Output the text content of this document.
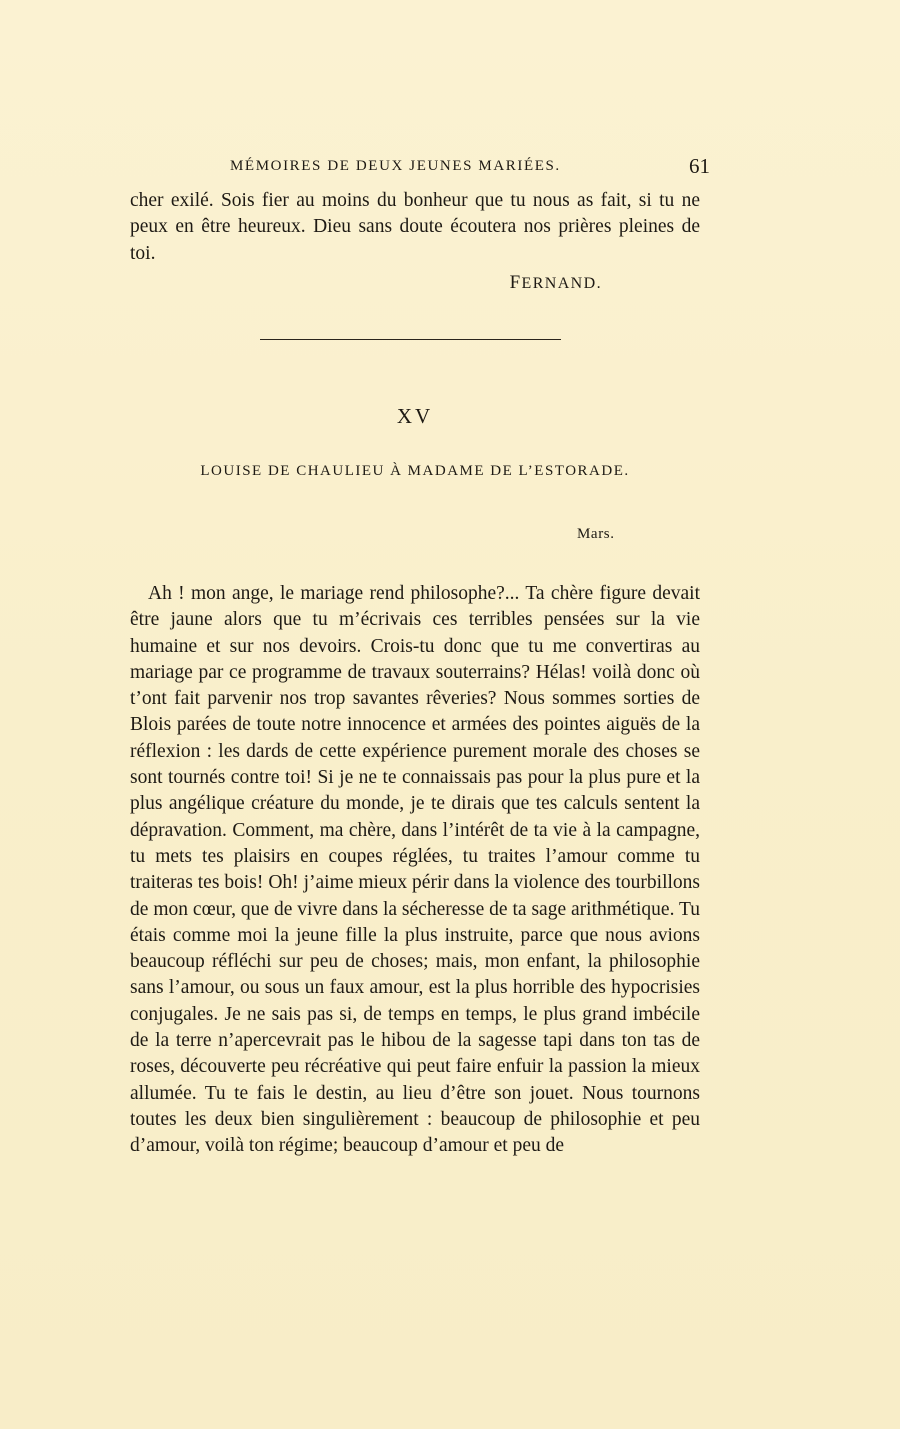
MÉMOIRES DE DEUX JEUNES MARIÉES.	61

cher exilé. Sois fier au moins du bonheur que tu nous as fait, si tu ne peux en être heureux. Dieu sans doute écoutera nos prières pleines de toi.

FERNAND.
XV
LOUISE DE CHAULIEU À MADAME DE L’ESTORADE.
Mars.

Ah ! mon ange, le mariage rend philosophe?... Ta chère figure devait être jaune alors que tu m’écrivais ces terribles pensées sur la vie humaine et sur nos devoirs. Crois-tu donc que tu me convertiras au mariage par ce programme de travaux souterrains? Hélas! voilà donc où t’ont fait parvenir nos trop savantes rêveries? Nous sommes sorties de Blois parées de toute notre innocence et armées des pointes aiguës de la réflexion : les dards de cette expérience purement morale des choses se sont tournés contre toi! Si je ne te connaissais pas pour la plus pure et la plus angélique créature du monde, je te dirais que tes calculs sentent la dépravation. Comment, ma chère, dans l’intérêt de ta vie à la campagne, tu mets tes plaisirs en coupes réglées, tu traites l’amour comme tu traiteras tes bois! Oh! j’aime mieux périr dans la violence des tourbillons de mon cœur, que de vivre dans la sécheresse de ta sage arithmétique. Tu étais comme moi la jeune fille la plus instruite, parce que nous avions beaucoup réfléchi sur peu de choses; mais, mon enfant, la philosophie sans l’amour, ou sous un faux amour, est la plus horrible des hypocrisies conjugales. Je ne sais pas si, de temps en temps, le plus grand imbécile de la terre n’apercevrait pas le hibou de la sagesse tapi dans ton tas de roses, découverte peu récréative qui peut faire enfuir la passion la mieux allumée. Tu te fais le destin, au lieu d’être son jouet. Nous tournons toutes les deux bien singulièrement : beaucoup de philosophie et peu d’amour, voilà ton régime; beaucoup d’amour et peu de
